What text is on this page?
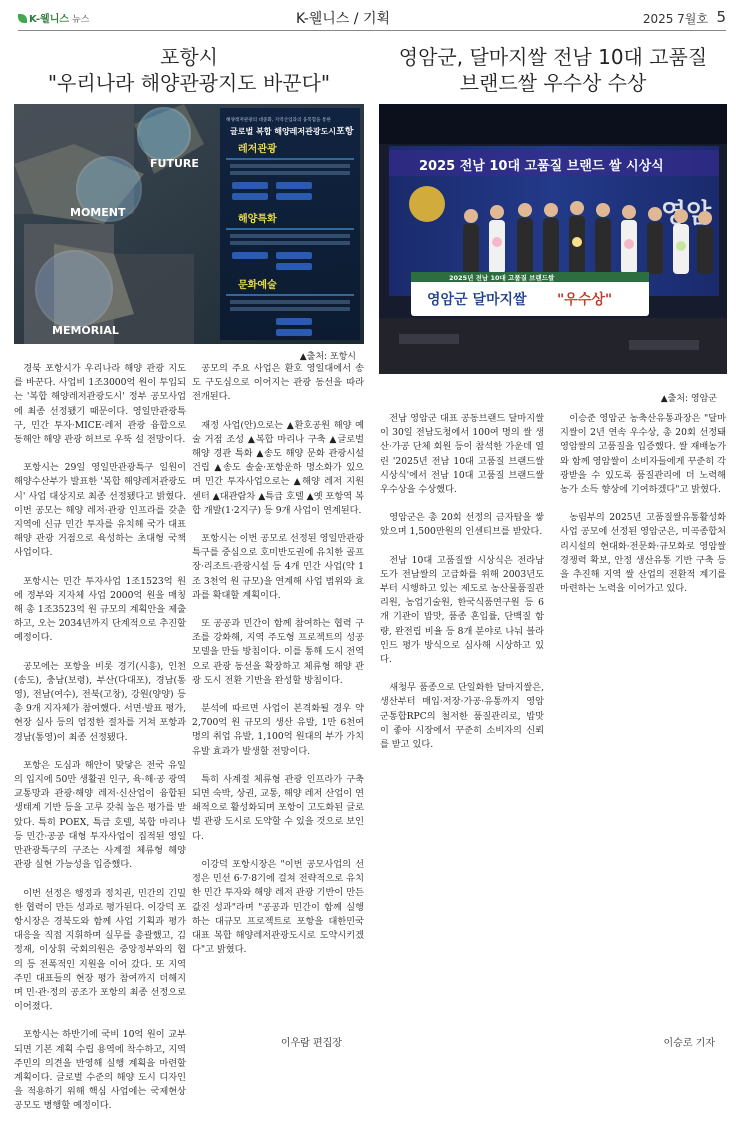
K-웰니스 뉴스	K-웰니스 / 기획	2025 7월호 5
포항시
"우리나라 해양관광지도 바꾼다"
영암군, 달마지쌀 전남 10대 고품질
브랜드쌀 우수상 수상
FUTURE
MOMENT
MEMORIAL
해양레저관광의 대중화, 지역산업과의 융복합을 통한
글로벌 복합 해양레저관광도시 포항
레저관광
해양특화
문화예술
▲출처: 포항시
2025 전남 10대 고품질 브랜드 쌀 시상식
2025년 전남 10대 고품질 브랜드쌀
영암군 달마지쌀 "우수상"
▲출처: 영암군

경북 포항시가 우리나라 해양 관광 지도를 바꾼다. 사업비 1조3000억 원이 투입되는 '복합 해양레저관광도시' 정부 공모사업에 최종 선정됐기 때문이다. 영일만관광특구, 민간 투자·MICE·레저 관광 융합으로 동해안 해양 관광 허브로 우뚝 설 전망이다.

포항시는 29일 영일만관광특구 일원이 해양수산부가 발표한 '복합 해양레저관광도시' 사업 대상지로 최종 선정됐다고 밝혔다. 이번 공모는 해양 레저·관광 인프라를 갖춘 지역에 신규 민간 투자를 유치해 국가 대표 해양 관광 거점으로 육성하는 초대형 국책 사업이다.

포항시는 민간 투자사업 1조1523억 원에 정부와 지자체 사업 2000억 원을 매칭해 총 1조3523억 원 규모의 계획안을 제출하고, 오는 2034년까지 단계적으로 추진할 예정이다.

공모에는 포항을 비롯 경기(시흥), 인천(송도), 충남(보령), 부산(다대포), 경남(통영), 전남(여수), 전북(고창), 강원(양양) 등 총 9개 지자체가 참여했다. 서면·발표 평가, 현장 실사 등의 엄정한 절차를 거쳐 포항과 경남(통영)이 최종 선정됐다.

포항은 도심과 해안이 맞닿은 전국 유일의 입지에 50만 생활권 인구, 육·해·공 광역 교통망과 관광·해양 레저·신산업이 융합된 생태계 기반 등을 고루 갖춰 높은 평가를 받았다. 특히 POEX, 특급 호텔, 복합 마리나 등 민간·공공 대형 투자사업이 집적된 영일만관광특구의 구조는 사계절 체류형 해양 관광 실현 가능성을 입증했다.

이번 선정은 행정과 정치권, 민간의 긴밀한 협력이 만든 성과로 평가된다. 이강덕 포항시장은 경북도와 함께 사업 기획과 평가 대응을 직접 지휘하며 실무를 총괄했고, 김정재, 이상휘 국회의원은 중앙정부와의 협의 등 전폭적인 지원을 이어 갔다. 또 지역 주민 대표들의 현장 평가 참여까지 더해지며 민·관·정의 공조가 포항의 최종 선정으로 이어졌다.

포항시는 하반기에 국비 10억 원이 교부되면 기본 계획 수립 용역에 착수하고, 지역 주민의 의견을 반영해 실행 계획을 마련할 계획이다. 글로벌 수준의 해양 도시 디자인을 적용하기 위해 핵심 사업에는 국제현상공모도 병행할 예정이다.

공모의 주요 사업은 환호 영일대에서 송도 구도심으로 이어지는 관광 동선을 따라 전개된다.

재정 사업(안)으로는 ▲환호공원 해양 예술 거점 조성 ▲복합 마리나 구축 ▲글로벌 해양 경관 특화 ▲송도 해양 문화 관광시설 건립 ▲송도 솔숲·포항운하 명소화가 있으며 민간 투자사업으로는 ▲해양 레저 지원 센터 ▲대관람차 ▲특급 호텔 ▲옛 포항역 복합 개발(1·2지구) 등 9개 사업이 연계된다.

포항시는 이번 공모로 선정된 영일만관광특구를 중심으로 호미반도권에 유치한 골프장·리조트·관광시설 등 4개 민간 사업(약 1조 3천억 원 규모)을 연계해 사업 범위와 효과를 확대할 계획이다.

또 공공과 민간이 함께 참여하는 협력 구조를 강화해, 지역 주도형 프로젝트의 성공 모델을 만들 방침이다. 이를 통해 도시 전역으로 관광 동선을 확장하고 체류형 해양 관광 도시 전환 기반을 완성할 방침이다.

분석에 따르면 사업이 본격화될 경우 약 2,700억 원 규모의 생산 유발, 1만 6천여 명의 취업 유발, 1,100억 원대의 부가 가치 유발 효과가 발생할 전망이다.

특히 사계절 체류형 관광 인프라가 구축되면 숙박, 상권, 교통, 해양 레저 산업이 연쇄적으로 활성화되며 포항이 고도화된 글로벌 관광 도시로 도약할 수 있을 것으로 보인다.

이강덕 포항시장은 "이번 공모사업의 선정은 민선 6·7·8기에 걸쳐 전략적으로 유치한 민간 투자와 해양 레저 관광 기반이 만든 값진 성과"라며 "공공과 민간이 함께 실행하는 대규모 프로젝트로 포항을 대한민국 대표 복합 해양레저관광도시로 도약시키겠다"고 밝혔다.

전남 영암군 대표 공동브랜드 달마지쌀이 30일 전남도청에서 100여 명의 쌀 생산·가공 단체 회원 등이 참석한 가운데 열린 '2025년 전남 10대 고품질 브랜드쌀 시상식'에서 전남 10대 고품질 브랜드쌀 우수상을 수상했다.

영암군은 총 20회 선정의 금자탑을 쌓았으며 1,500만원의 인센티브를 받았다.

전남 10대 고품질쌀 시상식은 전라남도가 전남쌀의 고급화를 위해 2003년도부터 시행하고 있는 제도로 농산물품질관리원, 농업기술원, 한국식품연구원 등 6개 기관이 밥맛, 품종 혼입률, 단백질 함량, 완전립 비율 등 8개 분야로 나눠 블라인드 평가 방식으로 심사해 시상하고 있다.

새청무 품종으로 단일화한 달마지쌀은, 생산부터 매입·저장·가공·유통까지 영암군통합RPC의 철저한 품질관리로, 밥맛이 좋아 시장에서 꾸준히 소비자의 신뢰를 받고 있다.

이승준 영암군 농축산유통과장은 "달마지쌀이 2년 연속 우수상, 총 20회 선정돼 영암쌀의 고품질을 입증했다. 쌀 재배농가와 함께 영암쌀이 소비자들에게 꾸준히 각광받을 수 있도록 품질관리에 더 노력해 농가 소득 향상에 기여하겠다"고 밝혔다.

농림부의 2025년 고품질쌀유통활성화사업 공모에 선정된 영암군은, 미곡종합처리시설의 현대화·전문화·규모화로 영암쌀 경쟁력 확보, 안정 생산유통 기반 구축 등을 추진해 지역 쌀 산업의 전환적 계기를 마련하는 노력을 이어가고 있다.

이우람 편집장	이승로 기자
